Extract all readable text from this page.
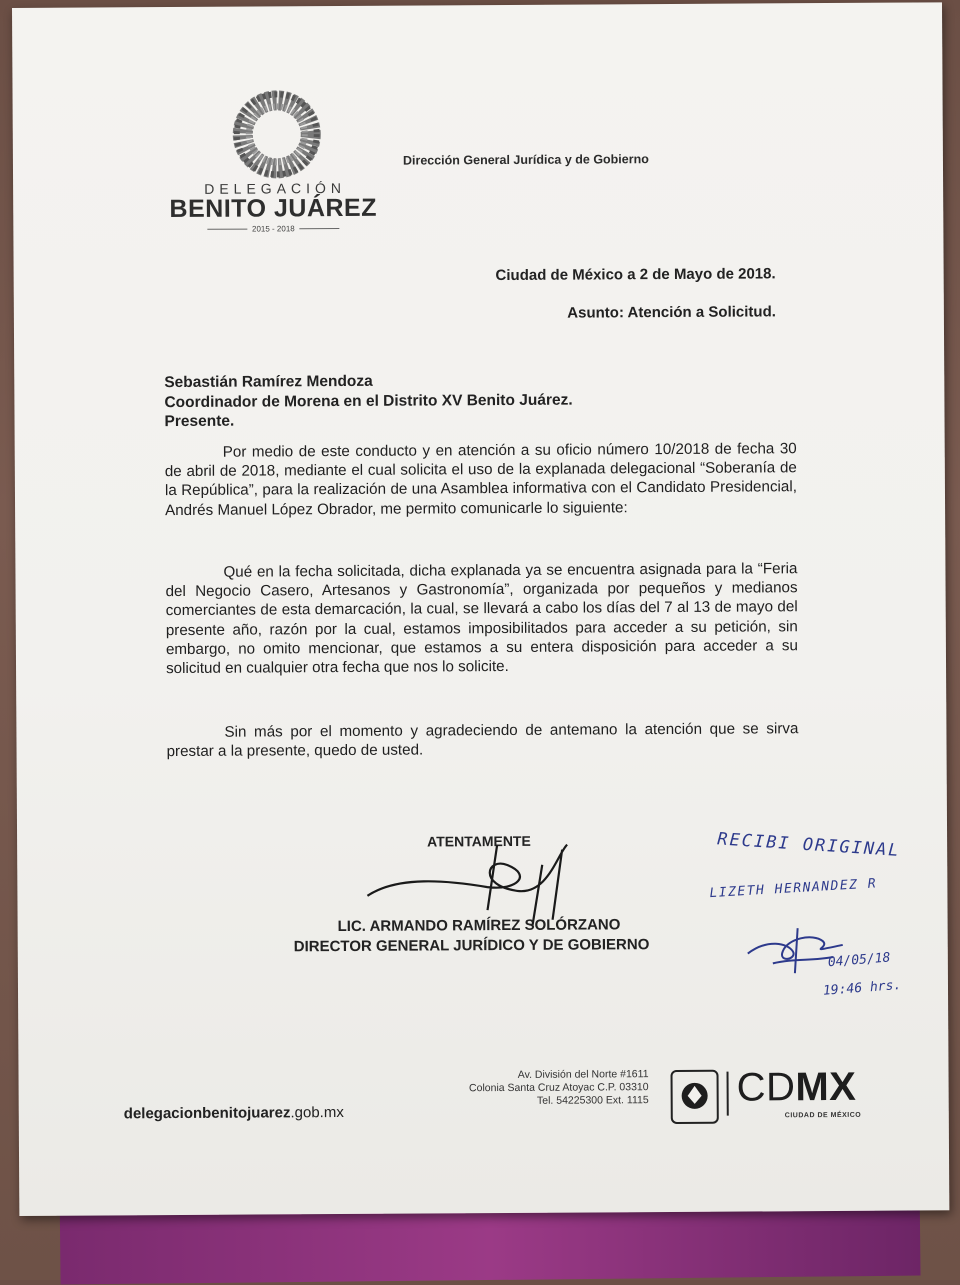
DELEGACIÓN
BENITO JUÁREZ
2015 - 2018
Dirección General Jurídica y de Gobierno
Ciudad de México a 2 de Mayo de 2018.
Asunto: Atención a Solicitud.
Sebastián Ramírez Mendoza
Coordinador de Morena en el Distrito XV Benito Juárez.
Presente.
Por medio de este conducto y en atención a su oficio número 10/2018 de fecha 30 de abril de 2018, mediante el cual solicita el uso de la explanada delegacional “Soberanía de la República”, para la realización de una Asamblea informativa con el Candidato Presidencial, Andrés Manuel López Obrador, me permito comunicarle lo siguiente:
Qué en la fecha solicitada, dicha explanada ya se encuentra asignada para la “Feria del Negocio Casero, Artesanos y Gastronomía”, organizada por pequeños y medianos comerciantes de esta demarcación, la cual, se llevará a cabo los días del 7 al 13 de mayo del presente año, razón por la cual, estamos imposibilitados para acceder a su petición, sin embargo, no omito mencionar, que estamos a su entera disposición para acceder a su solicitud en cualquier otra fecha que nos lo solicite.
Sin más por el momento y agradeciendo de antemano la atención que se sirva prestar a la presente, quedo de usted.
ATENTAMENTE
LIC. ARMANDO RAMÍREZ SOLÓRZANO
DIRECTOR GENERAL JURÍDICO Y DE GOBIERNO
RECIBI ORIGINAL
LIZETH HERNANDEZ R
04/05/18
19:46 hrs.
delegacionbenitojuarez.gob.mx
Av. División del Norte #1611
Colonia Santa Cruz Atoyac C.P. 03310
Tel. 54225300 Ext. 1115 CDMX
CIUDAD DE MÉXICO
